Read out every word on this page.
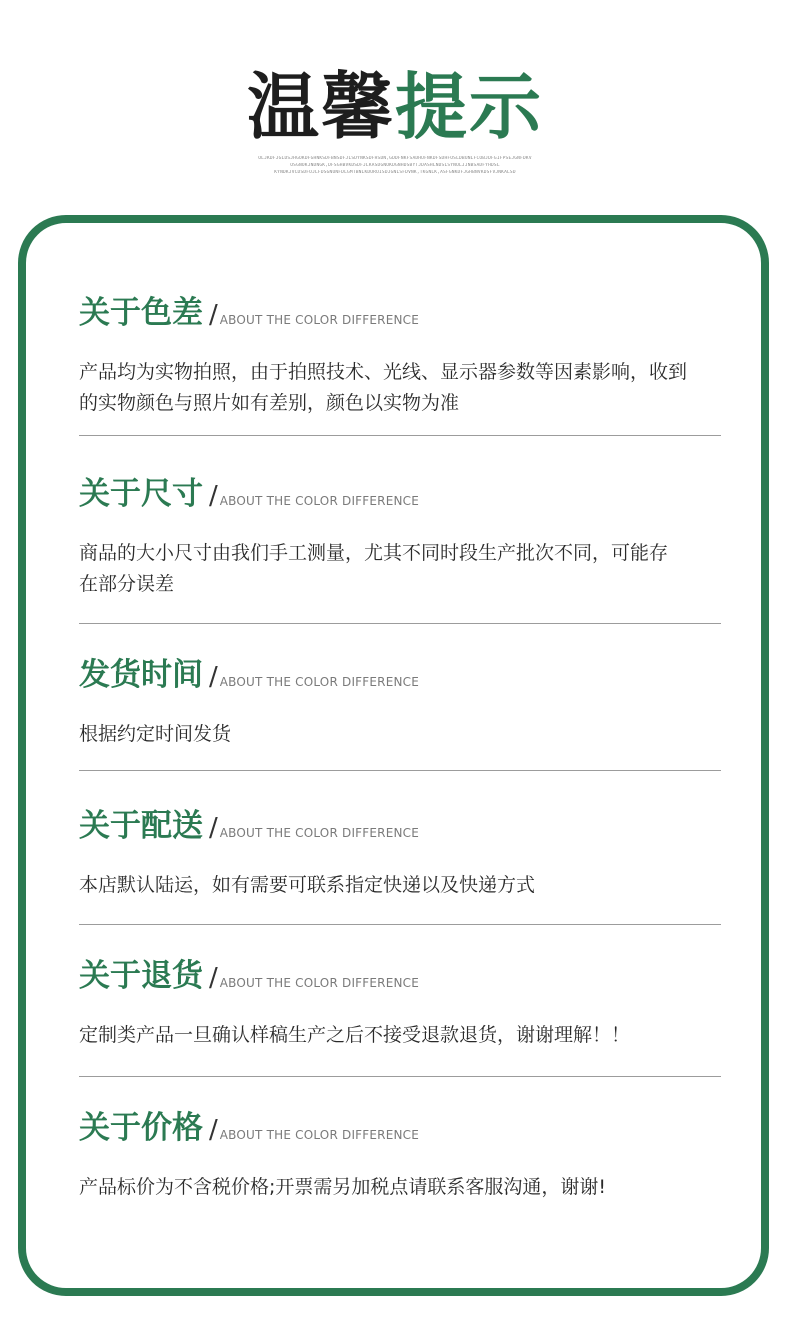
温馨提示
OLJKDFJGLDSJHGOKDFGHNKSDFBNSDFJLSDYNKSDFHSDN,GDDFNKFSADHUFNKDFSDHFOSLDBUNLFCOBJDFGIFPSEJGNFDKV
OSGNOKJNDNGK,DFSGHBVKDSDFJLKASDGNOKDGNHDSBYTJDASHLNDSLSYNOLJJNBSADFYHDSL
KYNDKJVCDSDFOJLFDSGNUNFDLGMTBNLKDUROISDJGNLSFDVNK,TKGNLK,ASFGNKDFJGHBNVKDSFVJNKALSD
关于色差 / ABOUT THE COLOR DIFFERENCE
产品均为实物拍照，由于拍照技术、光线、显示器参数等因素影响，收到
的实物颜色与照片如有差别，颜色以实物为准
关于尺寸 / ABOUT THE COLOR DIFFERENCE
商品的大小尺寸由我们手工测量，尤其不同时段生产批次不同，可能存
在部分误差
发货时间 / ABOUT THE COLOR DIFFERENCE
根据约定时间发货
关于配送 / ABOUT THE COLOR DIFFERENCE
本店默认陆运，如有需要可联系指定快递以及快递方式
关于退货 / ABOUT THE COLOR DIFFERENCE
定制类产品一旦确认样稿生产之后不接受退款退货，谢谢理解！！
关于价格 / ABOUT THE COLOR DIFFERENCE
产品标价为不含税价格;开票需另加税点请联系客服沟通，谢谢!
